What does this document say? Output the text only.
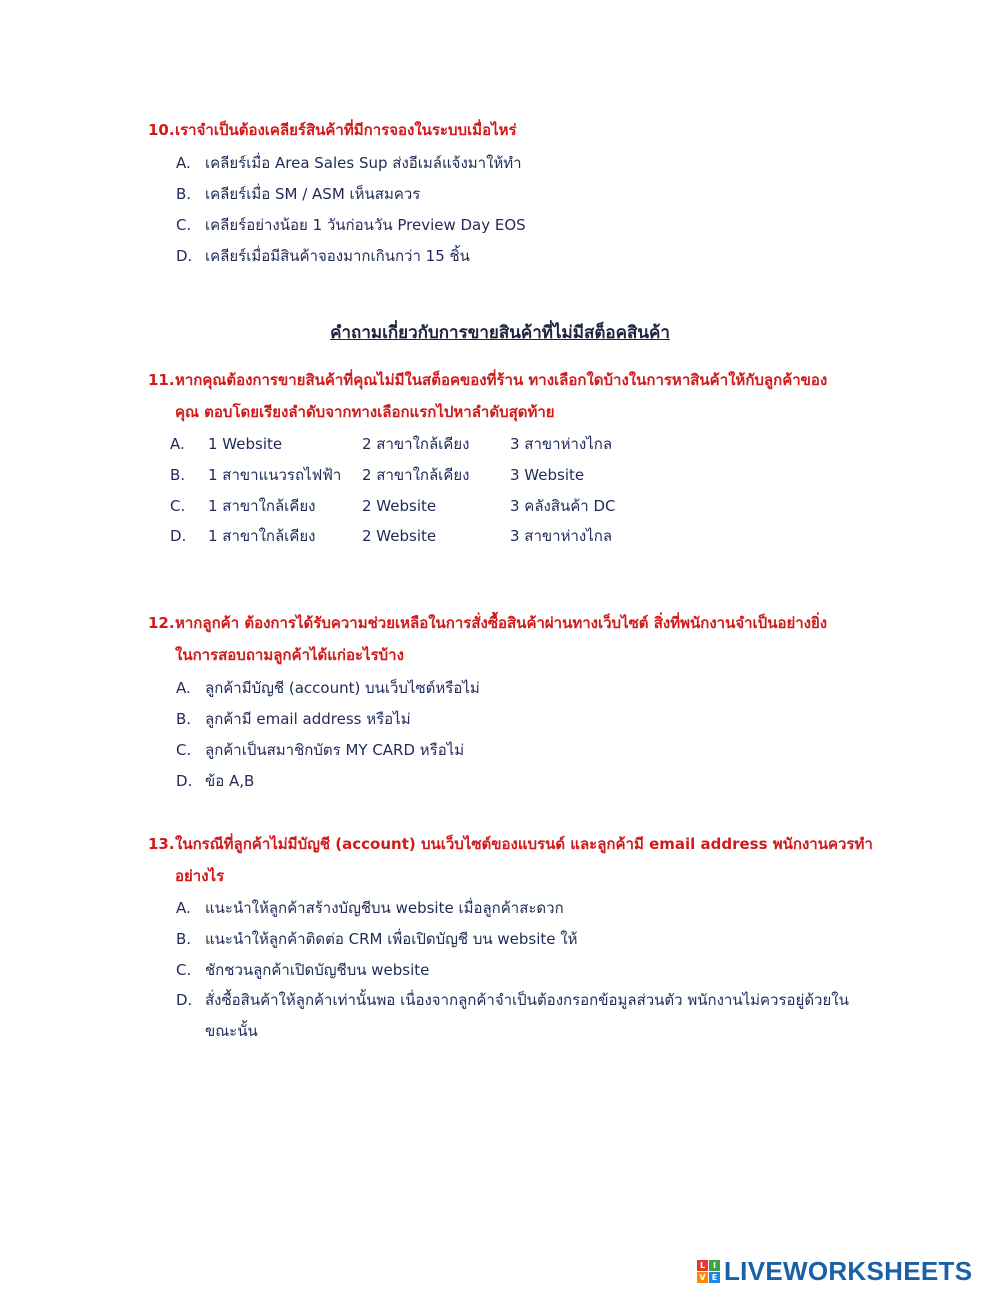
10.เราจำเป็นต้องเคลียร์สินค้าที่มีการจองในระบบเมื่อไหร่
A. เคลียร์เมื่อ Area Sales Sup ส่งอีเมล์แจ้งมาให้ทำ
B. เคลียร์เมื่อ SM / ASM เห็นสมควร
C. เคลียร์อย่างน้อย 1 วันก่อนวัน Preview Day EOS
D. เคลียร์เมื่อมีสินค้าจองมากเกินกว่า 15 ชิ้น
คำถามเกี่ยวกับการขายสินค้าที่ไม่มีสต็อคสินค้า
11.หากคุณต้องการขายสินค้าที่คุณไม่มีในสต็อคของที่ร้าน ทางเลือกใดบ้างในการหาสินค้าให้กับลูกค้าของ
คุณ ตอบโดยเรียงลำดับจากทางเลือกแรกไปหาลำดับสุดท้าย
A. 1 Website	2 สาขาใกล้เคียง	3 สาขาห่างไกล
B. 1 สาขาแนวรถไฟฟ้า 2 สาขาใกล้เคียง	3 Website
C. 1 สาขาใกล้เคียง	2 Website	3 คลังสินค้า DC
D. 1 สาขาใกล้เคียง	2 Website	3 สาขาห่างไกล
12.หากลูกค้า ต้องการได้รับความช่วยเหลือในการสั่งซื้อสินค้าผ่านทางเว็บไซต์ สิ่งที่พนักงานจำเป็นอย่างยิ่ง
ในการสอบถามลูกค้าได้แก่อะไรบ้าง
A. ลูกค้ามีบัญชี (account) บนเว็บไซต์หรือไม่
B. ลูกค้ามี email address หรือไม่
C. ลูกค้าเป็นสมาชิกบัตร MY CARD หรือไม่
D. ข้อ A,B
13.ในกรณีที่ลูกค้าไม่มีบัญชี (account) บนเว็บไซต์ของแบรนด์ และลูกค้ามี email address พนักงานควรทำ
อย่างไร
A. แนะนำให้ลูกค้าสร้างบัญชีบน website เมื่อลูกค้าสะดวก
B. แนะนำให้ลูกค้าติดต่อ CRM เพื่อเปิดบัญชี บน website ให้
C. ชักชวนลูกค้าเปิดบัญชีบน website
D. สั่งซื้อสินค้าให้ลูกค้าเท่านั้นพอ เนื่องจากลูกค้าจำเป็นต้องกรอกข้อมูลส่วนตัว พนักงานไม่ควรอยู่ด้วยใน
ขณะนั้น
L I
V E LIVEWORKSHEETS
